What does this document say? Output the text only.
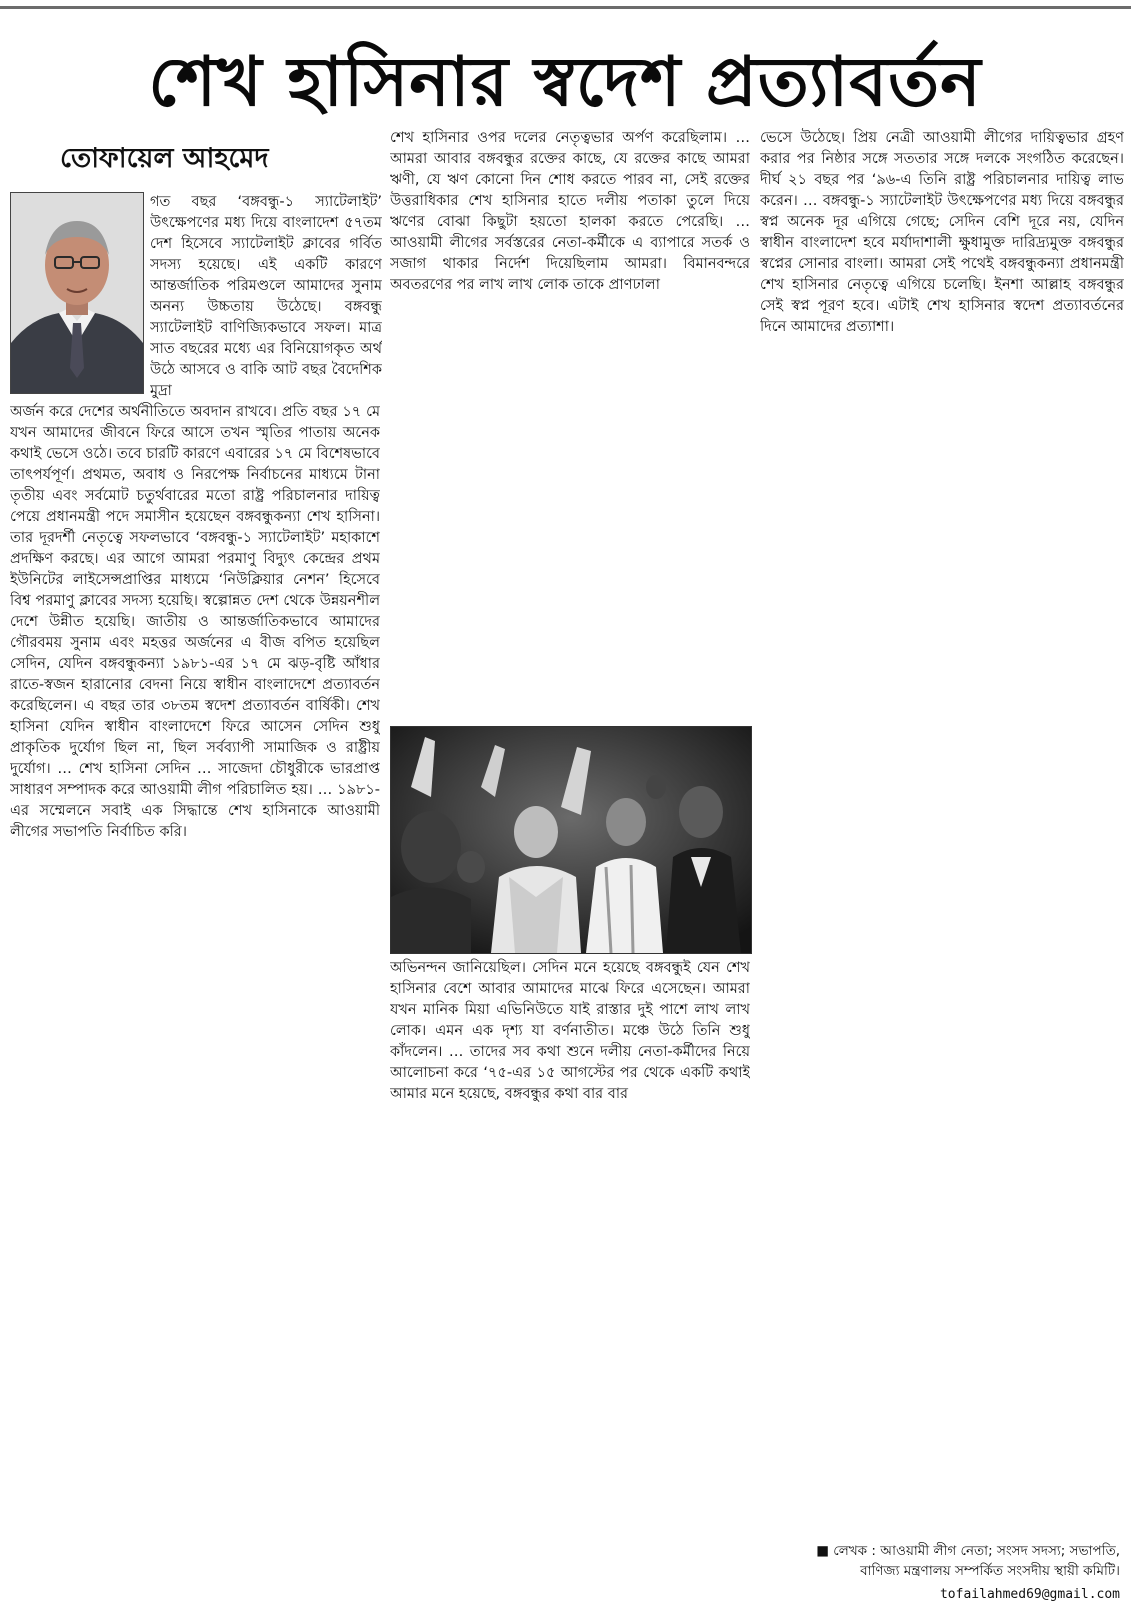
শেখ হাসিনার স্বদেশ প্রত্যাবর্তন
তোফায়েল আহমেদ

গত বছর ‘বঙ্গবন্ধু-১ স্যাটেলাইট’ উৎক্ষেপণের মধ্য দিয়ে বাংলাদেশ ৫৭তম দেশ হিসেবে স্যাটেলাইট ক্লাবের গর্বিত সদস্য হয়েছে। এই একটি কারণে আন্তর্জাতিক পরিমণ্ডলে আমাদের সুনাম অনন্য উচ্চতায় উঠেছে। বঙ্গবন্ধু স্যাটেলাইট বাণিজ্যিকভাবে সফল। মাত্র সাত বছরের মধ্যে এর বিনিয়োগকৃত অর্থ উঠে আসবে ও বাকি আট বছর বৈদেশিক মুদ্রা

অর্জন করে দেশের অর্থনীতিতে অবদান রাখবে। প্রতি বছর ১৭ মে যখন আমাদের জীবনে ফিরে আসে তখন স্মৃতির পাতায় অনেক কথাই ভেসে ওঠে। তবে চারটি কারণে এবারের ১৭ মে বিশেষভাবে তাৎপর্যপূর্ণ। প্রথমত, অবাধ ও নিরপেক্ষ নির্বাচনের মাধ্যমে টানা তৃতীয় এবং সর্বমোট চতুর্থবারের মতো রাষ্ট্র পরিচালনার দায়িত্ব পেয়ে প্রধানমন্ত্রী পদে সমাসীন হয়েছেন বঙ্গবন্ধুকন্যা শেখ হাসিনা। তার দূরদর্শী নেতৃত্বে সফলভাবে ‘বঙ্গবন্ধু-১ স্যাটেলাইট’ মহাকাশে প্রদক্ষিণ করছে। এর আগে আমরা পরমাণু বিদ্যুৎ কেন্দ্রের প্রথম ইউনিটের লাইসেন্সপ্রাপ্তির মাধ্যমে ‘নিউক্লিয়ার নেশন’ হিসেবে বিশ্ব পরমাণু ক্লাবের সদস্য হয়েছি। স্বল্পোন্নত দেশ থেকে উন্নয়নশীল দেশে উন্নীত হয়েছি। জাতীয় ও আন্তর্জাতিকভাবে আমাদের গৌরবময় সুনাম এবং মহত্তর অর্জনের এ বীজ বপিত হয়েছিল সেদিন, যেদিন বঙ্গবন্ধুকন্যা ১৯৮১-এর ১৭ মে ঝড়-বৃষ্টি আঁধার রাতে-স্বজন হারানোর বেদনা নিয়ে স্বাধীন বাংলাদেশে প্রত্যাবর্তন করেছিলেন। এ বছর তার ৩৮তম স্বদেশ প্রত্যাবর্তন বার্ষিকী। শেখ হাসিনা যেদিন স্বাধীন বাংলাদেশে ফিরে আসেন সেদিন শুধু প্রাকৃতিক দুর্যোগ ছিল না, ছিল সর্বব্যাপী সামাজিক ও রাষ্ট্রীয় দুর্যোগ। … শেখ হাসিনা সেদিন … সাজেদা চৌধুরীকে ভারপ্রাপ্ত সাধারণ সম্পাদক করে আওয়ামী লীগ পরিচালিত হয়। … ১৯৮১-এর সম্মেলনে সবাই এক সিদ্ধান্তে শেখ হাসিনাকে আওয়ামী লীগের সভাপতি নির্বাচিত করি।

শেখ হাসিনার ওপর দলের নেতৃত্বভার অর্পণ করেছিলাম। … আমরা আবার বঙ্গবন্ধুর রক্তের কাছে, যে রক্তের কাছে আমরা ঋণী, যে ঋণ কোনো দিন শোধ করতে পারব না, সেই রক্তের উত্তরাধিকার শেখ হাসিনার হাতে দলীয় পতাকা তুলে দিয়ে ঋণের বোঝা কিছুটা হয়তো হালকা করতে পেরেছি। … আওয়ামী লীগের সর্বস্তরের নেতা-কর্মীকে এ ব্যাপারে সতর্ক ও সজাগ থাকার নির্দেশ দিয়েছিলাম আমরা। বিমানবন্দরে অবতরণের পর লাখ লাখ লোক তাকে প্রাণঢালা

অভিনন্দন জানিয়েছিল। সেদিন মনে হয়েছে বঙ্গবন্ধুই যেন শেখ হাসিনার বেশে আবার আমাদের মাঝে ফিরে এসেছেন। আমরা যখন মানিক মিয়া এভিনিউতে যাই রাস্তার দুই পাশে লাখ লাখ লোক। এমন এক দৃশ্য যা বর্ণনাতীত। মঞ্চে উঠে তিনি শুধু কাঁদলেন। … তাদের সব কথা শুনে দলীয় নেতা-কর্মীদের নিয়ে আলোচনা করে ‘৭৫-এর ১৫ আগস্টের পর থেকে একটি কথাই আমার মনে হয়েছে, বঙ্গবন্ধুর কথা বার বার

ভেসে উঠেছে। প্রিয় নেত্রী আওয়ামী লীগের দায়িত্বভার গ্রহণ করার পর নিষ্ঠার সঙ্গে সততার সঙ্গে দলকে সংগঠিত করেছেন। দীর্ঘ ২১ বছর পর ‘৯৬-এ তিনি রাষ্ট্র পরিচালনার দায়িত্ব লাভ করেন। … বঙ্গবন্ধু-১ স্যাটেলাইট উৎক্ষেপণের মধ্য দিয়ে বঙ্গবন্ধুর স্বপ্ন অনেক দূর এগিয়ে গেছে; সেদিন বেশি দূরে নয়, যেদিন স্বাধীন বাংলাদেশ হবে মর্যাদাশালী ক্ষুধামুক্ত দারিদ্র্যমুক্ত বঙ্গবন্ধুর স্বপ্নের সোনার বাংলা। আমরা সেই পথেই বঙ্গবন্ধুকন্যা প্রধানমন্ত্রী শেখ হাসিনার নেতৃত্বে এগিয়ে চলেছি। ইনশা আল্লাহ বঙ্গবন্ধুর সেই স্বপ্ন পূরণ হবে। এটাই শেখ হাসিনার স্বদেশ প্রত্যাবর্তনের দিনে আমাদের প্রত্যাশা।

■ লেখক : আওয়ামী লীগ নেতা; সংসদ সদস্য; সভাপতি, বাণিজ্য মন্ত্রণালয় সম্পর্কিত সংসদীয় স্থায়ী কমিটি।
tofailahmed69@gmail.com
